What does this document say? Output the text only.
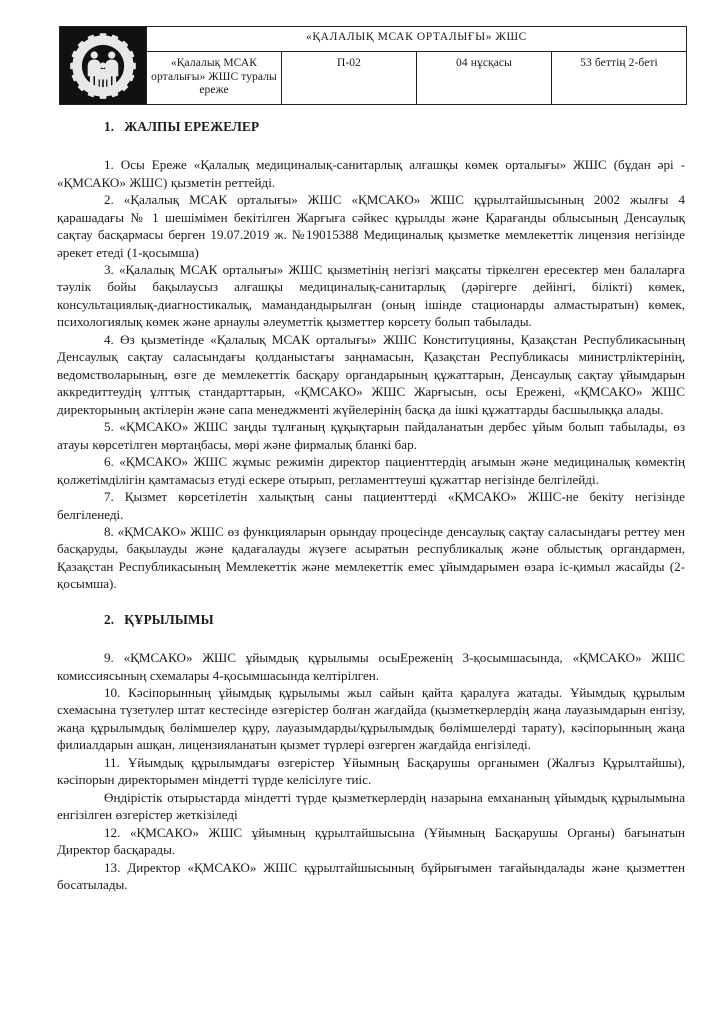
	«ҚАЛАЛЫҚ МСАК ОРТАЛЫҒЫ» ЖШС			
	«Қалалық МСАК орталығы» ЖШС туралы ереже	П-02	04 нұсқасы	53 беттің 2-беті
1. ЖАЛПЫ ЕРЕЖЕЛЕР

1. Осы Ереже «Қалалық медициналық-санитарлық алғашқы көмек орталығы» ЖШС (бұдан әрі - «ҚМСАКО» ЖШС) қызметін реттейді.

2. «Қалалық МСАК орталығы» ЖШС «ҚМСАКО» ЖШС құрылтайшысының 2002 жылғы 4 қарашадағы № 1 шешімімен бекітілген Жарғыға сәйкес құрылды және Қарағанды облысының Денсаулық сақтау басқармасы берген 19.07.2019 ж. №19015388 Медициналық қызметке мемлекеттік лицензия негізінде әрекет етеді (1-қосымша)

3. «Қалалық МСАК орталығы» ЖШС қызметінің негізгі мақсаты тіркелген ересектер мен балаларға тәулік бойы бақылаусыз алғашқы медициналық-санитарлық (дәрігерге дейінгі, білікті) көмек, консультациялық-диагностикалық, мамандандырылған (оның ішінде стационарды алмастыратын) көмек, психологиялық көмек және арнаулы әлеуметтік қызметтер көрсету болып табылады.

4. Өз қызметінде «Қалалық МСАК орталығы» ЖШС Конституцияны, Қазақстан Республикасының Денсаулық сақтау саласындағы қолданыстағы заңнамасын, Қазақстан Республикасы министрліктерінің, ведомстволарының, өзге де мемлекеттік басқару органдарының құжаттарын, Денсаулық сақтау ұйымдарын аккредиттеудің ұлттық стандарттарын, «ҚМСАКО» ЖШС Жарғысын, осы Ережені, «ҚМСАКО» ЖШС директорының актілерін және сапа менеджменті жүйелерінің басқа да ішкі құжаттарды басшылыққа алады.

5. «ҚМСАКО» ЖШС заңды тұлғаның құқықтарын пайдаланатын дербес ұйым болып табылады, өз атауы көрсетілген мөртаңбасы, мөрі және фирмалық бланкі бар.

6. «ҚМСАКО» ЖШС жұмыс режимін директор пациенттердің ағымын және медициналық көмектің қолжетімділігін қамтамасыз етуді ескере отырып, регламенттеуші құжаттар негізінде белгілейді.

7. Қызмет көрсетілетін халықтың саны пациенттерді «ҚМСАКО» ЖШС-не бекіту негізінде белгіленеді.

8. «ҚМСАКО» ЖШС өз функцияларын орындау процесінде денсаулық сақтау саласындағы реттеу мен басқаруды, бақылауды және қадағалауды жүзеге асыратын республикалық және облыстық органдармен, Қазақстан Республикасының Мемлекеттік және мемлекеттік емес ұйымдарымен өзара іс-қимыл жасайды (2-қосымша).

2. ҚҰРЫЛЫМЫ

9. «ҚМСАКО» ЖШС ұйымдық құрылымы осыЕреженің 3-қосымшасында, «ҚМСАКО» ЖШС комиссиясының схемалары 4-қосымшасында келтірілген.

10. Кәсіпорынның ұйымдық құрылымы жыл сайын қайта қаралуға жатады. Ұйымдық құрылым схемасына түзетулер штат кестесінде өзгерістер болған жағдайда (қызметкерлердің жаңа лауазымдарын енгізу, жаңа құрылымдық бөлімшелер құру, лауазымдарды/құрылымдық бөлімшелерді тарату), кәсіпорынның жаңа филиалдарын ашқан, лицензияланатын қызмет түрлері өзгерген жағдайда енгізіледі.

11. Ұйымдық құрылымдағы өзгерістер Ұйымның Басқарушы органымен (Жалғыз Құрылтайшы), кәсіпорын директорымен міндетті түрде келісілуге тиіс.

Өндірістік отырыстарда міндетті түрде қызметкерлердің назарына емхананың ұйымдық құрылымына енгізілген өзгерістер жеткізіледі

12. «ҚМСАКО» ЖШС ұйымның құрылтайшысына (Ұйымның Басқарушы Органы) бағынатын Директор басқарады.

13. Директор «ҚМСАКО» ЖШС құрылтайшысының бұйрығымен тағайындалады және қызметтен босатылады.
